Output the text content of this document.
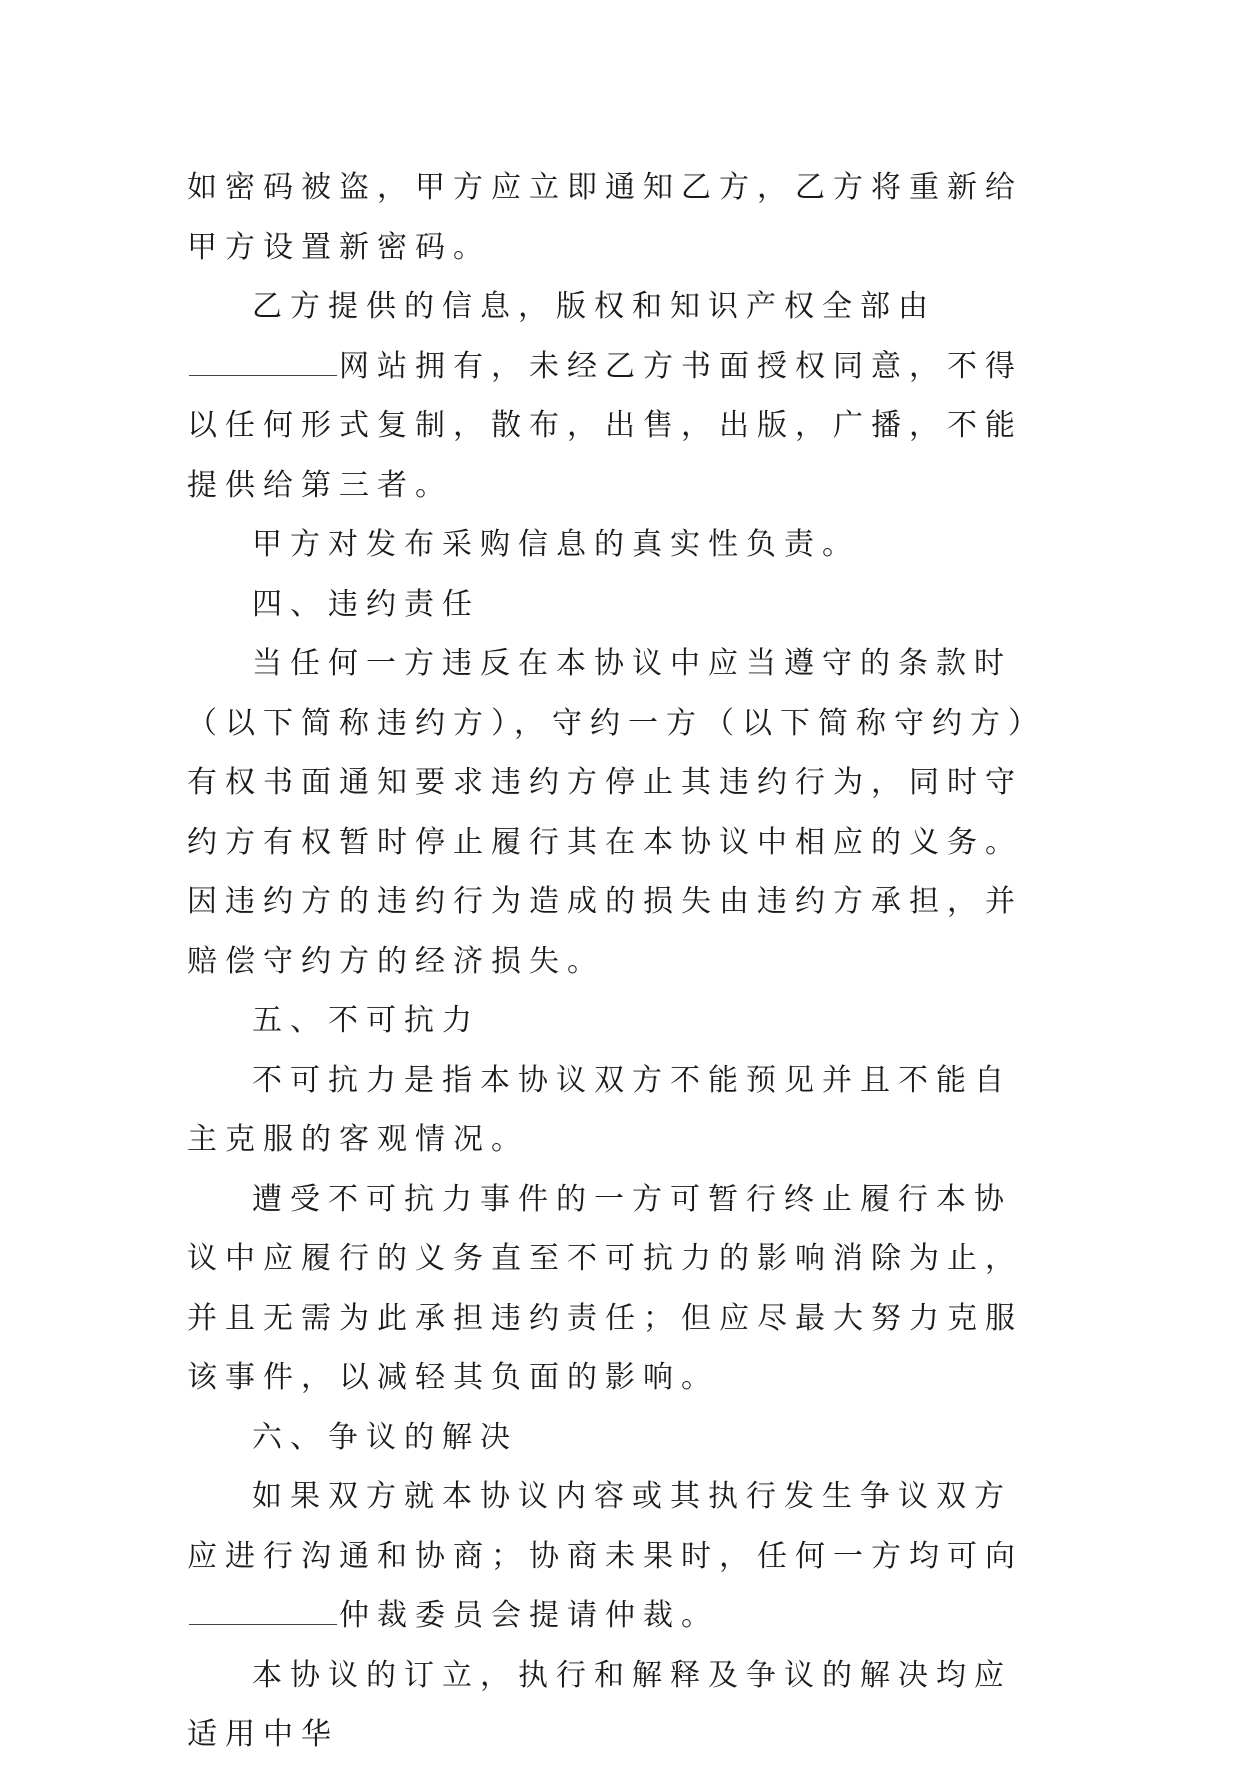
如密码被盗，甲方应立即通知乙方，乙方将重新给甲方设置新密码。

乙方提供的信息，版权和知识产权全部由网站拥有，未经乙方书面授权同意，不得以任何形式复制，散布，出售，出版，广播，不能提供给第三者。

甲方对发布采购信息的真实性负责。

四、违约责任

当任何一方违反在本协议中应当遵守的条款时（以下简称违约方），守约一方（以下简称守约方）有权书面通知要求违约方停止其违约行为，同时守约方有权暂时停止履行其在本协议中相应的义务。因违约方的违约行为造成的损失由违约方承担，并赔偿守约方的经济损失。

五、不可抗力

不可抗力是指本协议双方不能预见并且不能自主克服的客观情况。

遭受不可抗力事件的一方可暂行终止履行本协议中应履行的义务直至不可抗力的影响消除为止，并且无需为此承担违约责任；但应尽最大努力克服该事件，以减轻其负面的影响。

六、争议的解决

如果双方就本协议内容或其执行发生争议双方应进行沟通和协商；协商未果时，任何一方均可向仲裁委员会提请仲裁。

本协议的订立，执行和解释及争议的解决均应适用中华
